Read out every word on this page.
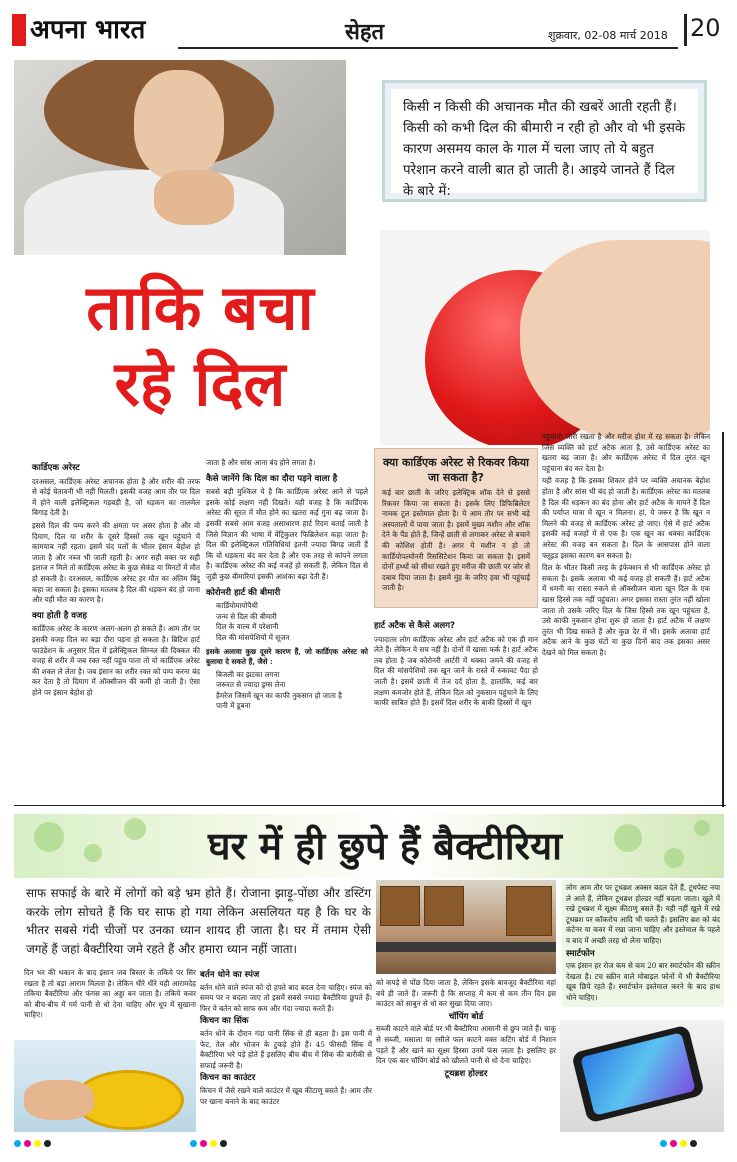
अपना भारत	सेहत	शुक्रवार, 02-08 मार्च 2018 20
किसी न किसी की अचानक मौत की खबरें आती रहती हैं। किसी को कभी दिल की बीमारी न रही हो और वो भी इसके कारण असमय काल के गाल में चला जाए तो ये बहुत परेशान करने वाली बात हो जाती है। आइये जानते हैं दिल के बारे में:
ताकि बचा
रहे दिल
कार्डिएक अरेस्ट

दरअसल, कार्डिएक अरेस्ट अचानक होता है और शरीर की तरफ से कोई चेतावनी भी नहीं मिलती। इसकी वजह आम तौर पर दिल में होने वाली इलेक्ट्रिकल गड़बड़ी है, जो धड़कन का तालमेल बिगाड़ देती है।

इससे दिल की पम्प करने की क्षमता पर असर होता है और वो दिमाग, दिल या शरीर के दूसरे हिस्सों तक खून पहुंचाने में कामयाब नहीं रहता। इसमें चंद पलों के भीतर इंसान बेहोश हो जाता है और नब्ज भी जाती रहती है। अगर सही वक्त पर सही इलाज न मिले तो कार्डिएक अरेस्ट के कुछ सेकंड या मिनटों में मौत हो सकती है। दरअसल, कार्डिएक अरेस्ट हर मौत का अंतिम बिंदु कहा जा सकता है। इसका मतलब है दिल की धड़कन बंद हो जाना और यही मौत का कारण है।

क्या होती है वजह

कार्डिएक अरेस्ट के कारण अलग-अलग हो सकते हैं। आम तौर पर इसकी वजह दिल का बड़ा दौरा पड़ना हो सकता है। ब्रिटिश हार्ट फाउंडेशन के अनुसार दिल में इलेक्ट्रिकल सिग्नल की दिक्कत की वजह से शरीर में जब रक्त नहीं पहुंच पाता तो यो कार्डिएक अरेस्ट की शक्ल ले लेता है। जब इंसान का शरीर रक्त को पम्प करना बंद कर देता है तो दिमाग में ऑक्सीजन की कमी हो जाती है। ऐसा होने पर इंसान बेहोश हो

जाता है और सांस आना बंद होने लगता है।

कैसे जानेंगे कि दिल का दौरा पड़ने वाला है

सबसे बड़ी मुश्किल ये है कि कार्डिएक अरेस्ट आने से पहले इसके कोई लक्षण नहीं दिखते। यही वजह है कि कार्डिएक अरेस्ट की सूरत में मौत होने का खतरा कई गुना बढ़ जाता है। इसकी सबसे आम वजह असाधारण हार्ट रिदम बताई जाती है जिसे विज्ञान की भाषा में वेंट्रिकुलर फिब्रिलेशन कहा जाता है। दिल की इलेक्ट्रिकल गतिविधियां इतनी ज्यादा बिगड़ जाती हैं कि वो धड़कना बंद कर देता है और एक तरह से कांपने लगता है। कार्डिएक अरेस्ट की कई वजहें हो सकती हैं, लेकिन दिल से जुड़ी कुछ बीमारियां इसकी आशंका बढ़ा देती हैं।

कोरोनरी हार्ट की बीमारी
कार्डियोमायोपैथी
जन्म से दिल की बीमारी
दिल के वाल्व में परेशानी
दिल की मांसपेशियों में सूजन

इसके अलावा कुछ दूसरे कारण हैं, जो कार्डिएक अरेस्ट को बुलावा दे सकते हैं, जैसे :

बिजली का झटका लगना
जरूरत से ज्यादा ड्रग्स लेना
हैमरेज जिसमें खून का काफी नुकसान हो जाता है
पानी में डूबना
क्या कार्डिएक अरेस्ट से रिकवर किया जा सकता है?
कई बार छाती के जरिए इलेक्ट्रिक शॉक देने से इससे रिकवर किया जा सकता है। इसके लिए डिफिब्रिलेटर नामक टूल इस्तेमाल होता है। ये आम तौर पर सभी बड़े अस्पतालों में पाया जाता है। इसमें मुख्य मशीन और शॉक देने के पैंड होते हैं, जिन्हें छाती से लगाकर अरेस्ट से बचाने की कोशिश होती है। अगर ये मशीन न हो तो कार्डियोपल्मोनरी रिससिटेशन किया जा सकता है। इसमें दोनों हथ्थों को सीधा रखते हुए मरीज की छाती पर जोर से दबाव दिया जाता है। इसमें मुंह के जरिए हवा भी पहुंचाई जाती है।
हार्ट अटैक से कैसे अलग?

ज्यादातर लोग कार्डिएक अरेस्ट और हार्ट अटैक को एक ही मान लेते हैं। लेकिन ये सच नहीं है। दोनों में खासा फर्क है। हार्ट अटैक तब होता है जब कोरोनरी आर्टरी में थक्का जमने की वजह से दिल की मांसपेशियों तक खून जाने के रास्ते में रुकावट पैदा हो जाती है। इसमें छाती में तेज दर्द होता है, हालांकि, कई बार लक्षण कमजोर होते हैं, लेकिन दिल को नुकसान पहुंचाने के लिए काफी साबित होते हैं। इसमें दिल शरीर के बाकी हिस्सों में खून

पहुंचाना जारी रखता है और मरीज होश में रह सकता है। लेकिन जिस व्यक्ति को हार्ट अटैक आता है, उसे कार्डिएक अरेस्ट का खतरा बढ़ जाता है। और कार्डिएक अरेस्ट में दिल तुरंत खून पहुंचाना बंद कर देता है।

यही वजह है कि इसका शिकार होने पर व्यक्ति अचानक बेहोश होता है और सांस भी बंद हो जाती है। कार्डिएक अरेस्ट का मतलब है दिल की धड़कन का बंद होना और हार्ट अटैक के मायने हैं दिल की पर्याप्त मात्रा में खून न मिलना। हां, ये जरूर है कि खून न मिलने की वजह से कार्डिएक अरेस्ट हो जाए। ऐसे में हार्ट अटैक इसकी कई वजहों में से एक है। एक खून का थक्का कार्डिएक अरेस्ट की वजह बन सकता है। दिल के आसपास होने वाला फ्लूइड इसका कारण बन सकता है।

दिल के भीतर किसी तरह के इंफेक्शन से भी कार्डिएक अरेस्ट हो सकता है। इसके अलावा भी कई वजह हो सकती हैं। हार्ट अटैक में धमनी का रास्ता रुकने से ऑक्सीजन वाला खून दिल के एक खास हिस्से तक नहीं पहुंचता। अगर इसका रास्ता तुरंत नहीं खोला जाता तो उसके जरिए दिल के जिस हिस्से तक खून पहुंचता है, उसे काफी नुकसान होना शुरू हो जाता है। हार्ट अटैक में लक्षण तुरंत भी दिख सकते हैं और कुछ देर में भी। इसके अलावा हार्ट अटैक आने के कुछ घंटों या कुछ दिनों बाद तक इसका असर देखने को मिल सकता है।

घर में ही छुपे हैं बैक्टीरिया
साफ सफाई के बारे में लोगों को बड़े भ्रम होते हैं। रोजाना झाड़ू-पोंछा और डस्टिंग करके लोग सोचते हैं कि घर साफ हो गया लेकिन असलियत यह है कि घर के भीतर सबसे गंदी चीजों पर उनका ध्यान शायद ही जाता है। घर में तमाम ऐसी जगहें हैं जहां बैक्टीरिया जमे रहते हैं और हमारा ध्यान नहीं जाता।

लोग आम तौर पर टूथब्रश अक्सर बदल देते हैं, टूथपेस्ट नया ले आते हैं, लेकिन टूथब्रश होल्डर नहीं बदला जाता। खुले में रखे टूथब्रश में सूक्ष्म कीटाणु बसते हैं। यही नहीं खुले में रखे टूथब्रश पर कॉकरोच आदि भी चलते हैं। इसलिए ब्रश को बंद कंटेनर या कवर में रखा जाना चाहिए और इस्तेमाल के पहले व बाद में अच्छी तरह धो लेना चाहिए।

स्मार्टफोन

एक इंसान हर रोज कम से कम 20 बार स्मार्टफोन की स्क्रीन देखता है। टच स्क्रीन वाले मोबाइल फोनों में भी बैक्टीरिया खूब छिपे रहते हैं। स्मार्टफोन इस्तेमाल करने के बाद हाथ धोने चाहिए।

दिन भर की थकान के बाद इंसान जब बिस्तर के तकिये पर सिर रखता है तो बड़ा आराम मिलता है। लेकिन धीरे धीरे यही आरामदेह तकिया बैक्टीरिया और फंगस का अड्डा बन जाता है। तकिये कवर को बीच-बीच में गर्म पानी से धो देना चाहिए और धूप में सुखाना चाहिए।

बर्तन धोने का स्पंज

बर्तन धोने वाले स्पंज को दो हफ्ते बाद बदल देना चाहिए। स्पंज को समय पर न बदला जाए तो इसमें सबसे ज्यादा बैक्टीरिया छुपते हैं। फिर ये बर्तन को साफ कम और गंदा ज्यादा करते हैं।

किचन का सिंक

बर्तन धोने के दौरान गंदा पानी सिंक से ही बहता है। इस पानी में फेट, तेल और भोजन के टुकड़े होते हैं। 45 फीसदी सिंक में बैक्टीरिया भरे पड़े होते हैं इसलिए बीच बीच में सिंक की बारीकी से सफाई जरूरी है।

किचन का काउंटर

किचन में जैसे रखने वाले काउंटर में खूब कीटाणु बसते हैं। आम तौर पर खाना बनाने के बाद काउंटर

को कपड़े से पोंछ दिया जाता है, लेकिन इसके बावजूद बैक्टीरिया वहां बचे ही जाते हैं। जरूरी है कि सप्ताह में कम से कम तीन दिन इस काउंटर को साबुन से धो कर सुखा दिया जाए।

चॉपिंग बोर्ड

सब्जी काटने वाले बोर्ड पर भी बैक्टीरिया आसानी से छुप जाते हैं। चाकू से सब्जी, मसाला या रसीले फल काटने वक्त कटिंग बोर्ड में निशान पड़ते हैं और खाने का सूक्ष्म हिस्सा उनमें फंस जाता है। इसलिए हर दिन एक बार चॉपिंग बोर्ड को खौलते पानी से धो देना चाहिए।

टूथब्रश होल्डर
